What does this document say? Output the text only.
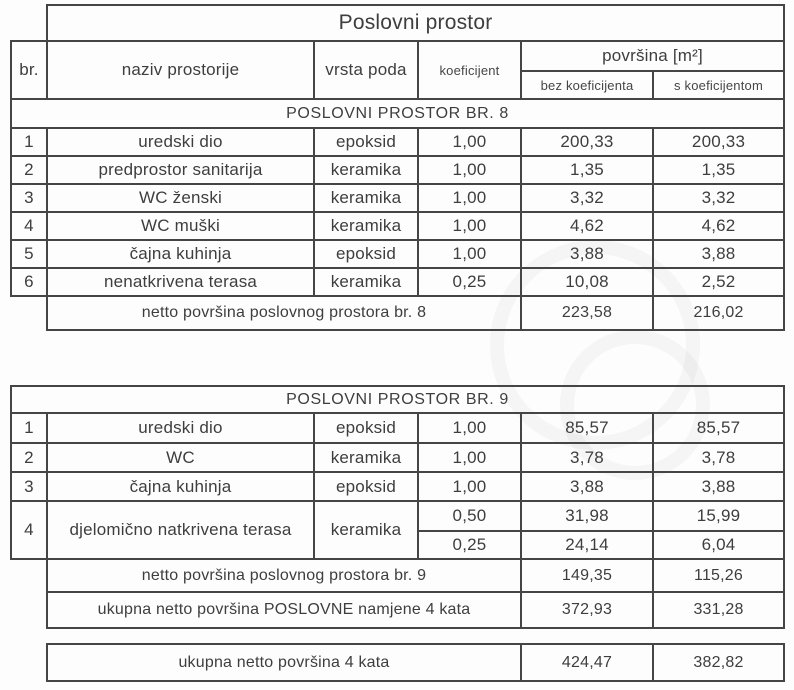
	Poslovni prostor				
br.	naziv prostorije	vrsta poda	koeficijent	površina [m²]	
				bez koeficijenta	s koeficijentom
POSLOVNI PROSTOR BR. 8					
1	uredski dio	epoksid	1,00	200,33	200,33
2	predprostor sanitarija	keramika	1,00	1,35	1,35
3	WC ženski	keramika	1,00	3,32	3,32
4	WC muški	keramika	1,00	4,62	4,62
5	čajna kuhinja	epoksid	1,00	3,88	3,88
6	nenatkrivena terasa	keramika	0,25	10,08	2,52
	netto površina poslovnog prostora br. 8			223,58	216,02
POSLOVNI PROSTOR BR. 9					
1	uredski dio	epoksid	1,00	85,57	85,57
2	WC	keramika	1,00	3,78	3,78
3	čajna kuhinja	epoksid	1,00	3,88	3,88
4	djelomično natkrivena terasa	keramika	0,50	31,98	15,99
			0,25	24,14	6,04
	netto površina poslovnog prostora br. 9			149,35	115,26
	ukupna netto površina POSLOVNE namjene 4 kata			372,93	331,28
ukupna netto površina 4 kata	424,47	382,82
